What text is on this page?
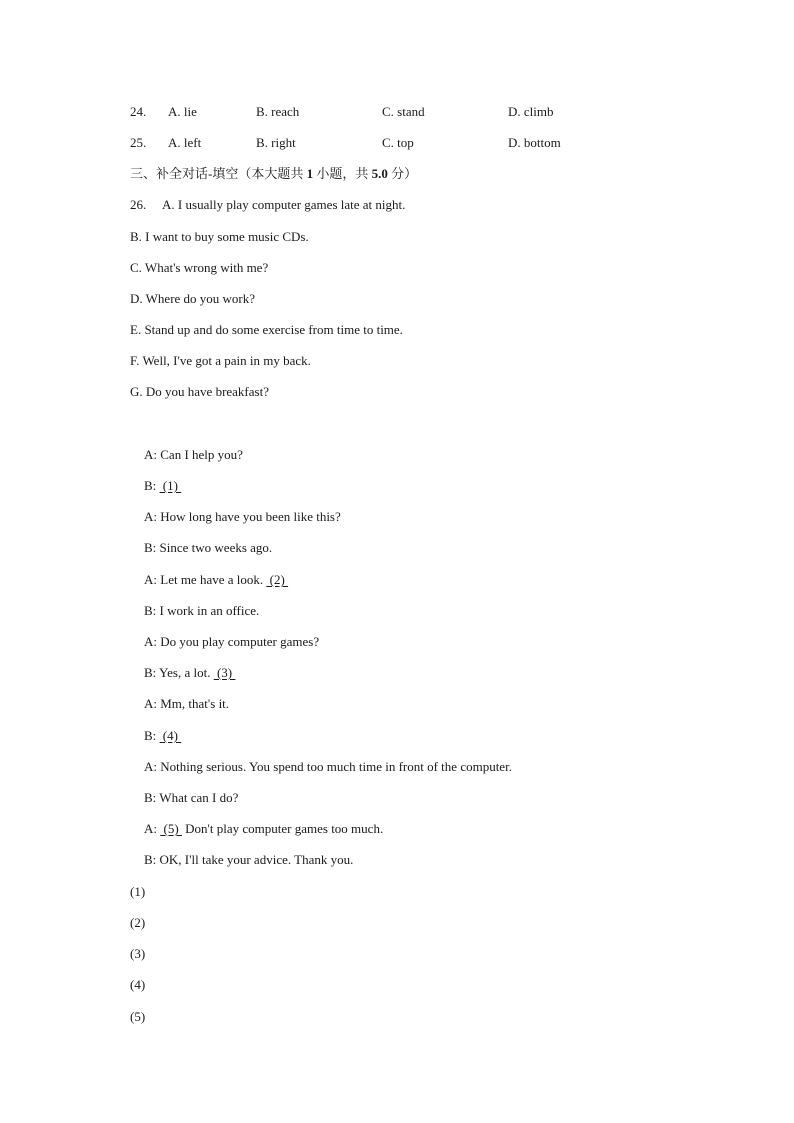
24. A. lie	B. reach	C. stand	D. climb
25. A. left	B. right	C. top	D. bottom
三、补全对话-填空（本大题共 1 小题，共 5.0 分）
26. A. I usually play computer games late at night.
B. I want to buy some music CDs.
C. What's wrong with me?
D. Where do you work?
E. Stand up and do some exercise from time to time.
F. Well, I've got a pain in my back.
G. Do you have breakfast?
A: Can I help you?
B:  (1)
A: How long have you been like this?
B: Since two weeks ago.
A: Let me have a look.  (2)
B: I work in an office.
A: Do you play computer games?
B: Yes, a lot.  (3)
A: Mm, that's it.
B:  (4)
A: Nothing serious. You spend too much time in front of the computer.
B: What can I do?
A:  (5)  Don't play computer games too much.
B: OK, I'll take your advice. Thank you.
(1)
(2)
(3)
(4)
(5)
